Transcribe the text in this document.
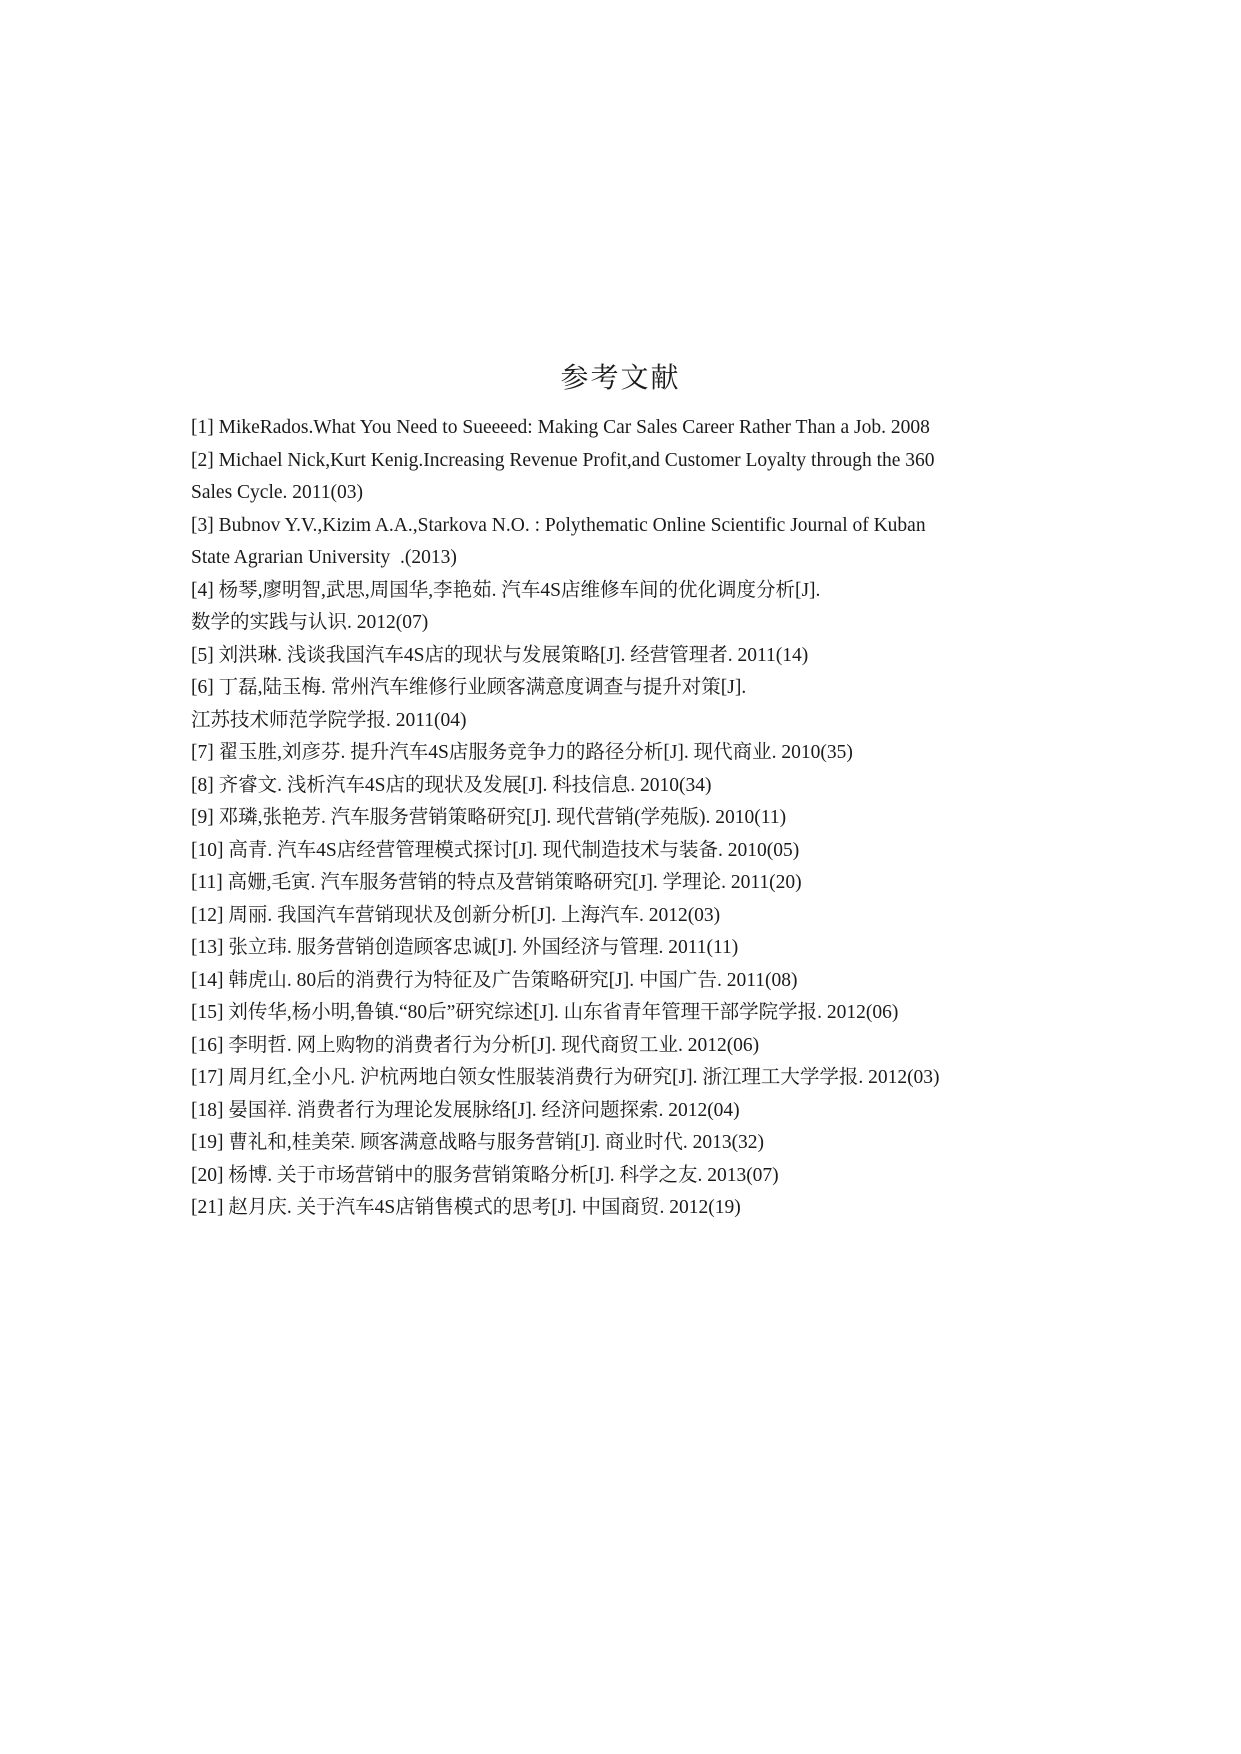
参考文献
[1] MikeRados.What You Need to Sueeeed: Making Car Sales Career Rather Than a Job. 2008
[2] Michael Nick,Kurt Kenig.Increasing Revenue Profit,and Customer Loyalty through the 360
Sales Cycle. 2011(03)
[3] Bubnov Y.V.,Kizim A.A.,Starkova N.O. : Polythematic Online Scientific Journal of Kuban
State Agrarian University  .(2013)
[4] 杨琴,廖明智,武思,周国华,李艳茹. 汽车4S店维修车间的优化调度分析[J].
数学的实践与认识. 2012(07)
[5] 刘洪琳. 浅谈我国汽车4S店的现状与发展策略[J]. 经营管理者. 2011(14)
[6] 丁磊,陆玉梅. 常州汽车维修行业顾客满意度调查与提升对策[J].
江苏技术师范学院学报. 2011(04)
[7] 翟玉胜,刘彦芬. 提升汽车4S店服务竞争力的路径分析[J]. 现代商业. 2010(35)
[8] 齐睿文. 浅析汽车4S店的现状及发展[J]. 科技信息. 2010(34)
[9] 邓璘,张艳芳. 汽车服务营销策略研究[J]. 现代营销(学苑版). 2010(11)
[10] 高青. 汽车4S店经营管理模式探讨[J]. 现代制造技术与装备. 2010(05)
[11] 高姗,毛寅. 汽车服务营销的特点及营销策略研究[J]. 学理论. 2011(20)
[12] 周丽. 我国汽车营销现状及创新分析[J]. 上海汽车. 2012(03)
[13] 张立玮. 服务营销创造顾客忠诚[J]. 外国经济与管理. 2011(11)
[14] 韩虎山. 80后的消费行为特征及广告策略研究[J]. 中国广告. 2011(08)
[15] 刘传华,杨小明,鲁镇.“80后”研究综述[J]. 山东省青年管理干部学院学报. 2012(06)
[16] 李明哲. 网上购物的消费者行为分析[J]. 现代商贸工业. 2012(06)
[17] 周月红,全小凡. 沪杭两地白领女性服装消费行为研究[J]. 浙江理工大学学报. 2012(03)
[18] 晏国祥. 消费者行为理论发展脉络[J]. 经济问题探索. 2012(04)
[19] 曹礼和,桂美荣. 顾客满意战略与服务营销[J]. 商业时代. 2013(32)
[20] 杨博. 关于市场营销中的服务营销策略分析[J]. 科学之友. 2013(07)
[21] 赵月庆. 关于汽车4S店销售模式的思考[J]. 中国商贸. 2012(19)
